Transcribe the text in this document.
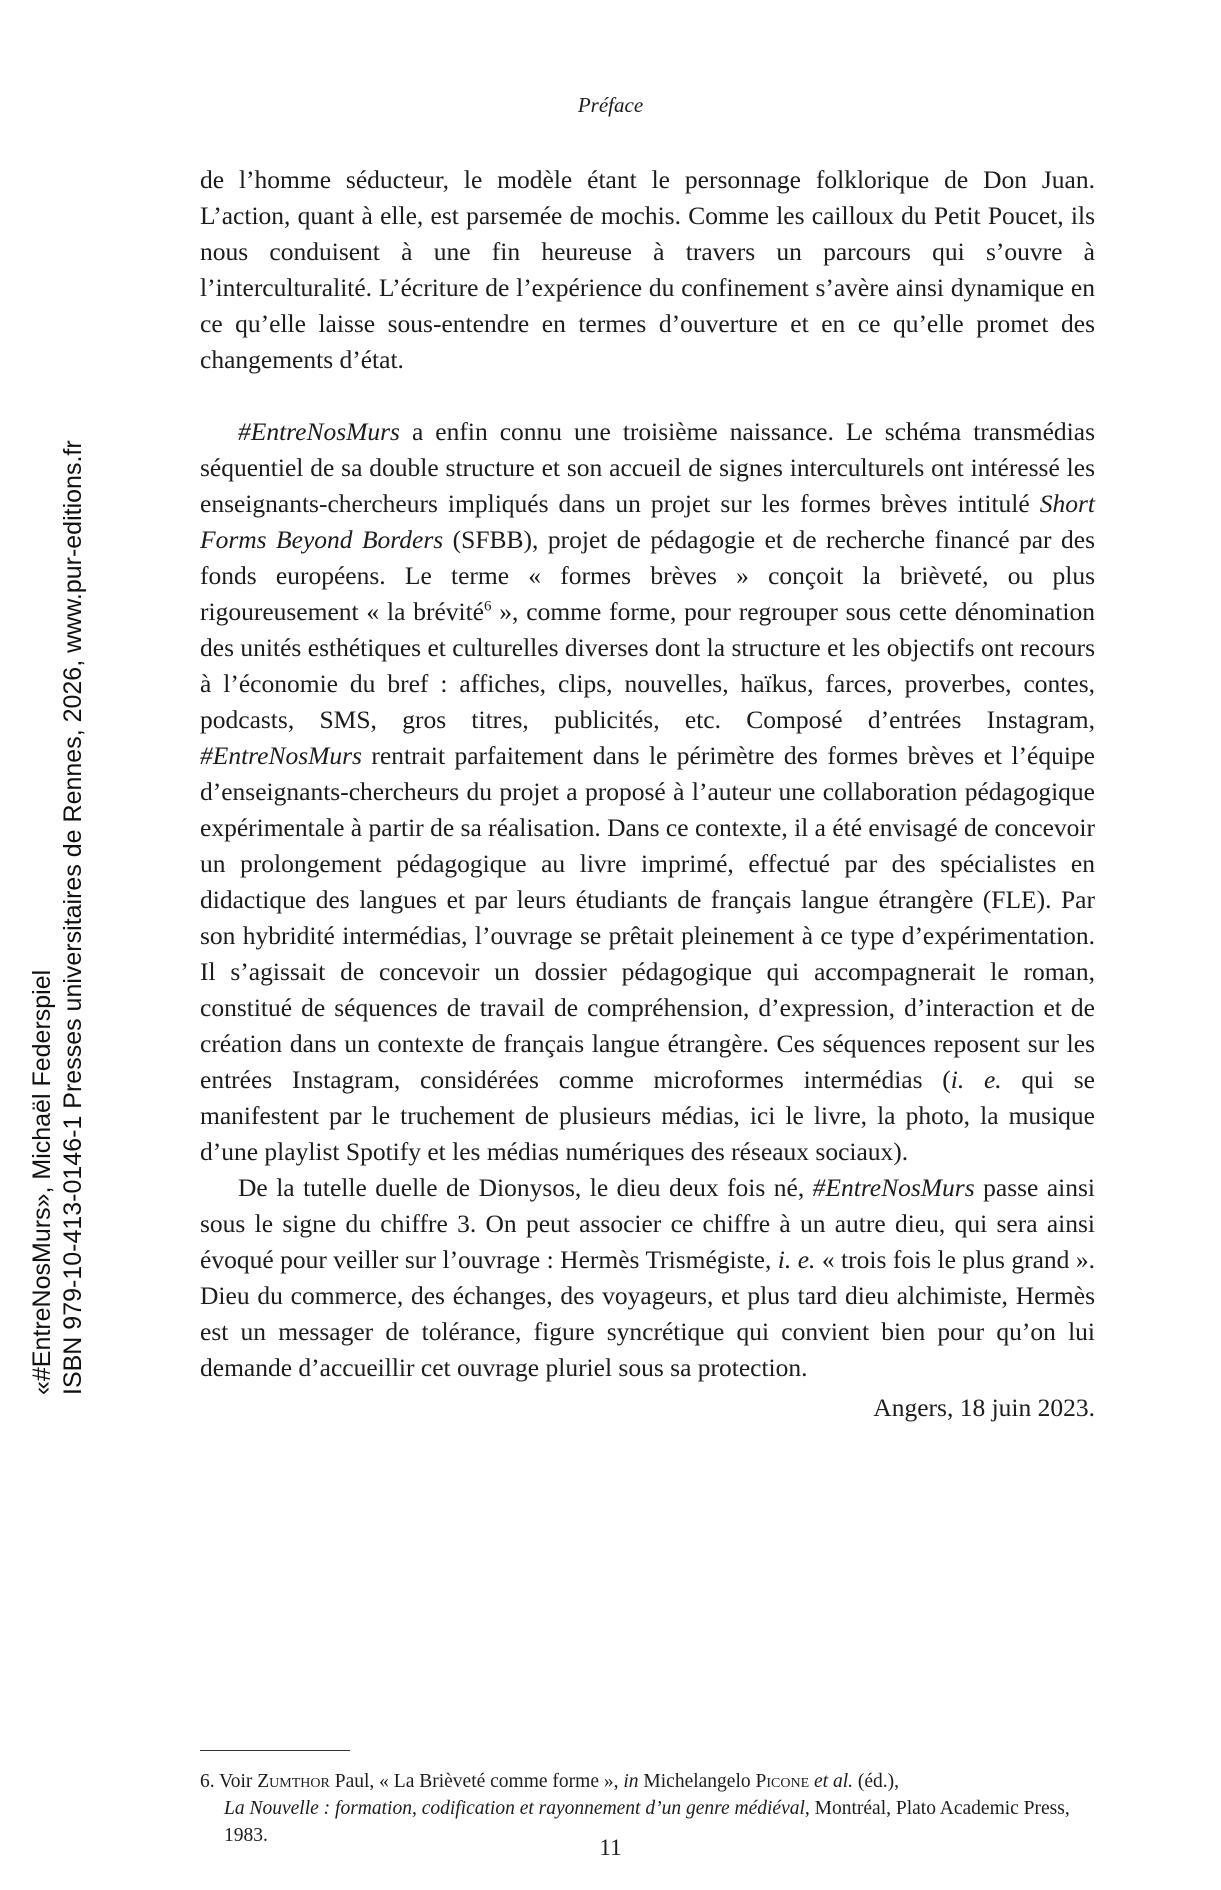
Préface

de l’homme séducteur, le modèle étant le personnage folklorique de Don Juan. L’action, quant à elle, est parsemée de mochis. Comme les cailloux du Petit Poucet, ils nous conduisent à une fin heureuse à travers un parcours qui s’ouvre à l’interculturalité. L’écriture de l’expérience du confinement s’avère ainsi dynamique en ce qu’elle laisse sous-entendre en termes d’ouverture et en ce qu’elle promet des changements d’état.

#EntreNosMurs a enfin connu une troisième naissance. Le schéma transmédias séquentiel de sa double structure et son accueil de signes interculturels ont intéressé les enseignants-chercheurs impliqués dans un projet sur les formes brèves intitulé Short Forms Beyond Borders (SFBB), projet de pédagogie et de recherche financé par des fonds européens. Le terme « formes brèves » conçoit la brièveté, ou plus rigoureusement « la brévité$^6$ », comme forme, pour regrouper sous cette dénomination des unités esthétiques et culturelles diverses dont la structure et les objectifs ont recours à l’économie du bref : affiches, clips, nouvelles, haïkus, farces, proverbes, contes, podcasts, SMS, gros titres, publicités, etc. Composé d’entrées Instagram, #EntreNosMurs rentrait parfaitement dans le périmètre des formes brèves et l’équipe d’enseignants-chercheurs du projet a proposé à l’auteur une collaboration pédagogique expérimentale à partir de sa réalisation. Dans ce contexte, il a été envisagé de concevoir un prolongement pédagogique au livre imprimé, effectué par des spécialistes en didactique des langues et par leurs étudiants de français langue étrangère (FLE). Par son hybridité intermédias, l’ouvrage se prêtait pleinement à ce type d’expérimentation. Il s’agissait de concevoir un dossier pédagogique qui accompagnerait le roman, constitué de séquences de travail de compréhension, d’expression, d’interaction et de création dans un contexte de français langue étrangère. Ces séquences reposent sur les entrées Instagram, considérées comme microformes intermédias (i. e. qui se manifestent par le truchement de plusieurs médias, ici le livre, la photo, la musique d’une playlist Spotify et les médias numériques des réseaux sociaux).

De la tutelle duelle de Dionysos, le dieu deux fois né, #EntreNosMurs passe ainsi sous le signe du chiffre 3. On peut associer ce chiffre à un autre dieu, qui sera ainsi évoqué pour veiller sur l’ouvrage : Hermès Trismégiste, i. e. « trois fois le plus grand ». Dieu du commerce, des échanges, des voyageurs, et plus tard dieu alchimiste, Hermès est un messager de tolérance, figure syncrétique qui convient bien pour qu’on lui demande d’accueillir cet ouvrage pluriel sous sa protection.

Angers, 18 juin 2023.

6. Voir Zumthor Paul, « La Brièveté comme forme », in Michelangelo Picone et al. (éd.),

La Nouvelle : formation, codification et rayonnement d’un genre médiéval, Montréal, Plato Academic Press, 1983.	11
«#EntreNosMurs», Michaël Federspiel ISBN 979-10-413-0146-1 Presses universitaires de Rennes, 2026, www.pur-editions.fr
